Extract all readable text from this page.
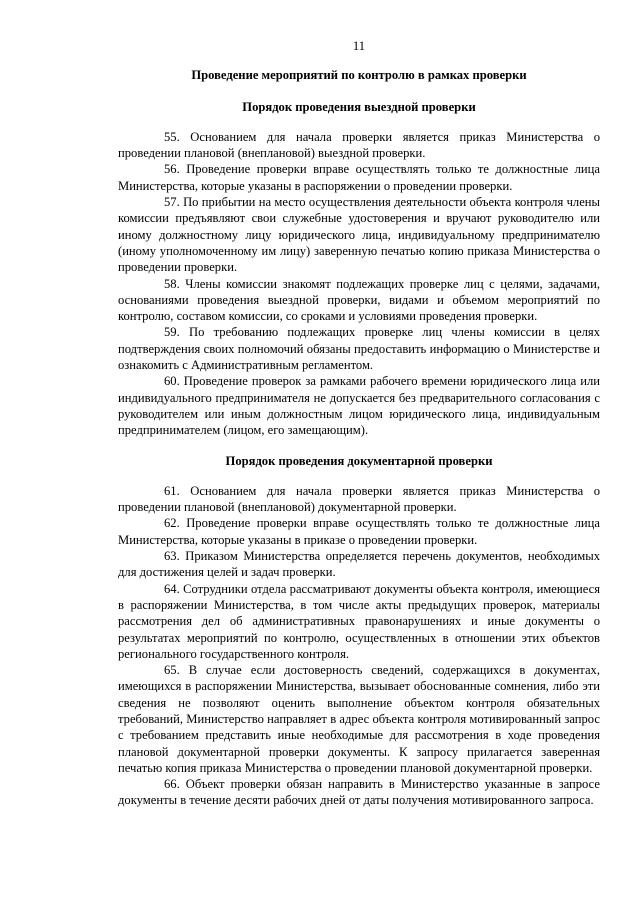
11

Проведение мероприятий по контролю в рамках проверки

Порядок проведения выездной проверки

55. Основанием для начала проверки является приказ Министерства о проведении плановой (внеплановой) выездной проверки.

56. Проведение проверки вправе осуществлять только те должностные лица Министерства, которые указаны в распоряжении о проведении проверки.

57. По прибытии на место осуществления деятельности объекта контроля члены комиссии предъявляют свои служебные удостоверения и вручают руководителю или иному должностному лицу юридического лица, индивидуальному предпринимателю (иному уполномоченному им лицу) заверенную печатью копию приказа Министерства о проведении проверки.

58. Члены комиссии знакомят подлежащих проверке лиц с целями, задачами, основаниями проведения выездной проверки, видами и объемом мероприятий по контролю, составом комиссии, со сроками и условиями проведения проверки.

59. По требованию подлежащих проверке лиц члены комиссии в целях подтверждения своих полномочий обязаны предоставить информацию о Министерстве и ознакомить с Административным регламентом.

60. Проведение проверок за рамками рабочего времени юридического лица или индивидуального предпринимателя не допускается без предварительного согласования с руководителем или иным должностным лицом юридического лица, индивидуальным предпринимателем (лицом, его замещающим).

Порядок проведения документарной проверки

61. Основанием для начала проверки является приказ Министерства о проведении плановой (внеплановой) документарной проверки.

62. Проведение проверки вправе осуществлять только те должностные лица Министерства, которые указаны в приказе о проведении проверки.

63. Приказом Министерства определяется перечень документов, необходимых для достижения целей и задач проверки.

64. Сотрудники отдела рассматривают документы объекта контроля, имеющиеся в распоряжении Министерства, в том числе акты предыдущих проверок, материалы рассмотрения дел об административных правонарушениях и иные документы о результатах мероприятий по контролю, осуществленных в отношении этих объектов регионального государственного контроля.

65. В случае если достоверность сведений, содержащихся в документах, имеющихся в распоряжении Министерства, вызывает обоснованные сомнения, либо эти сведения не позволяют оценить выполнение объектом контроля обязательных требований, Министерство направляет в адрес объекта контроля мотивированный запрос с требованием представить иные необходимые для рассмотрения в ходе проведения плановой документарной проверки документы. К запросу прилагается заверенная печатью копия приказа Министерства о проведении плановой документарной проверки.

66. Объект проверки обязан направить в Министерство указанные в запросе документы в течение десяти рабочих дней от даты получения мотивированного запроса.
